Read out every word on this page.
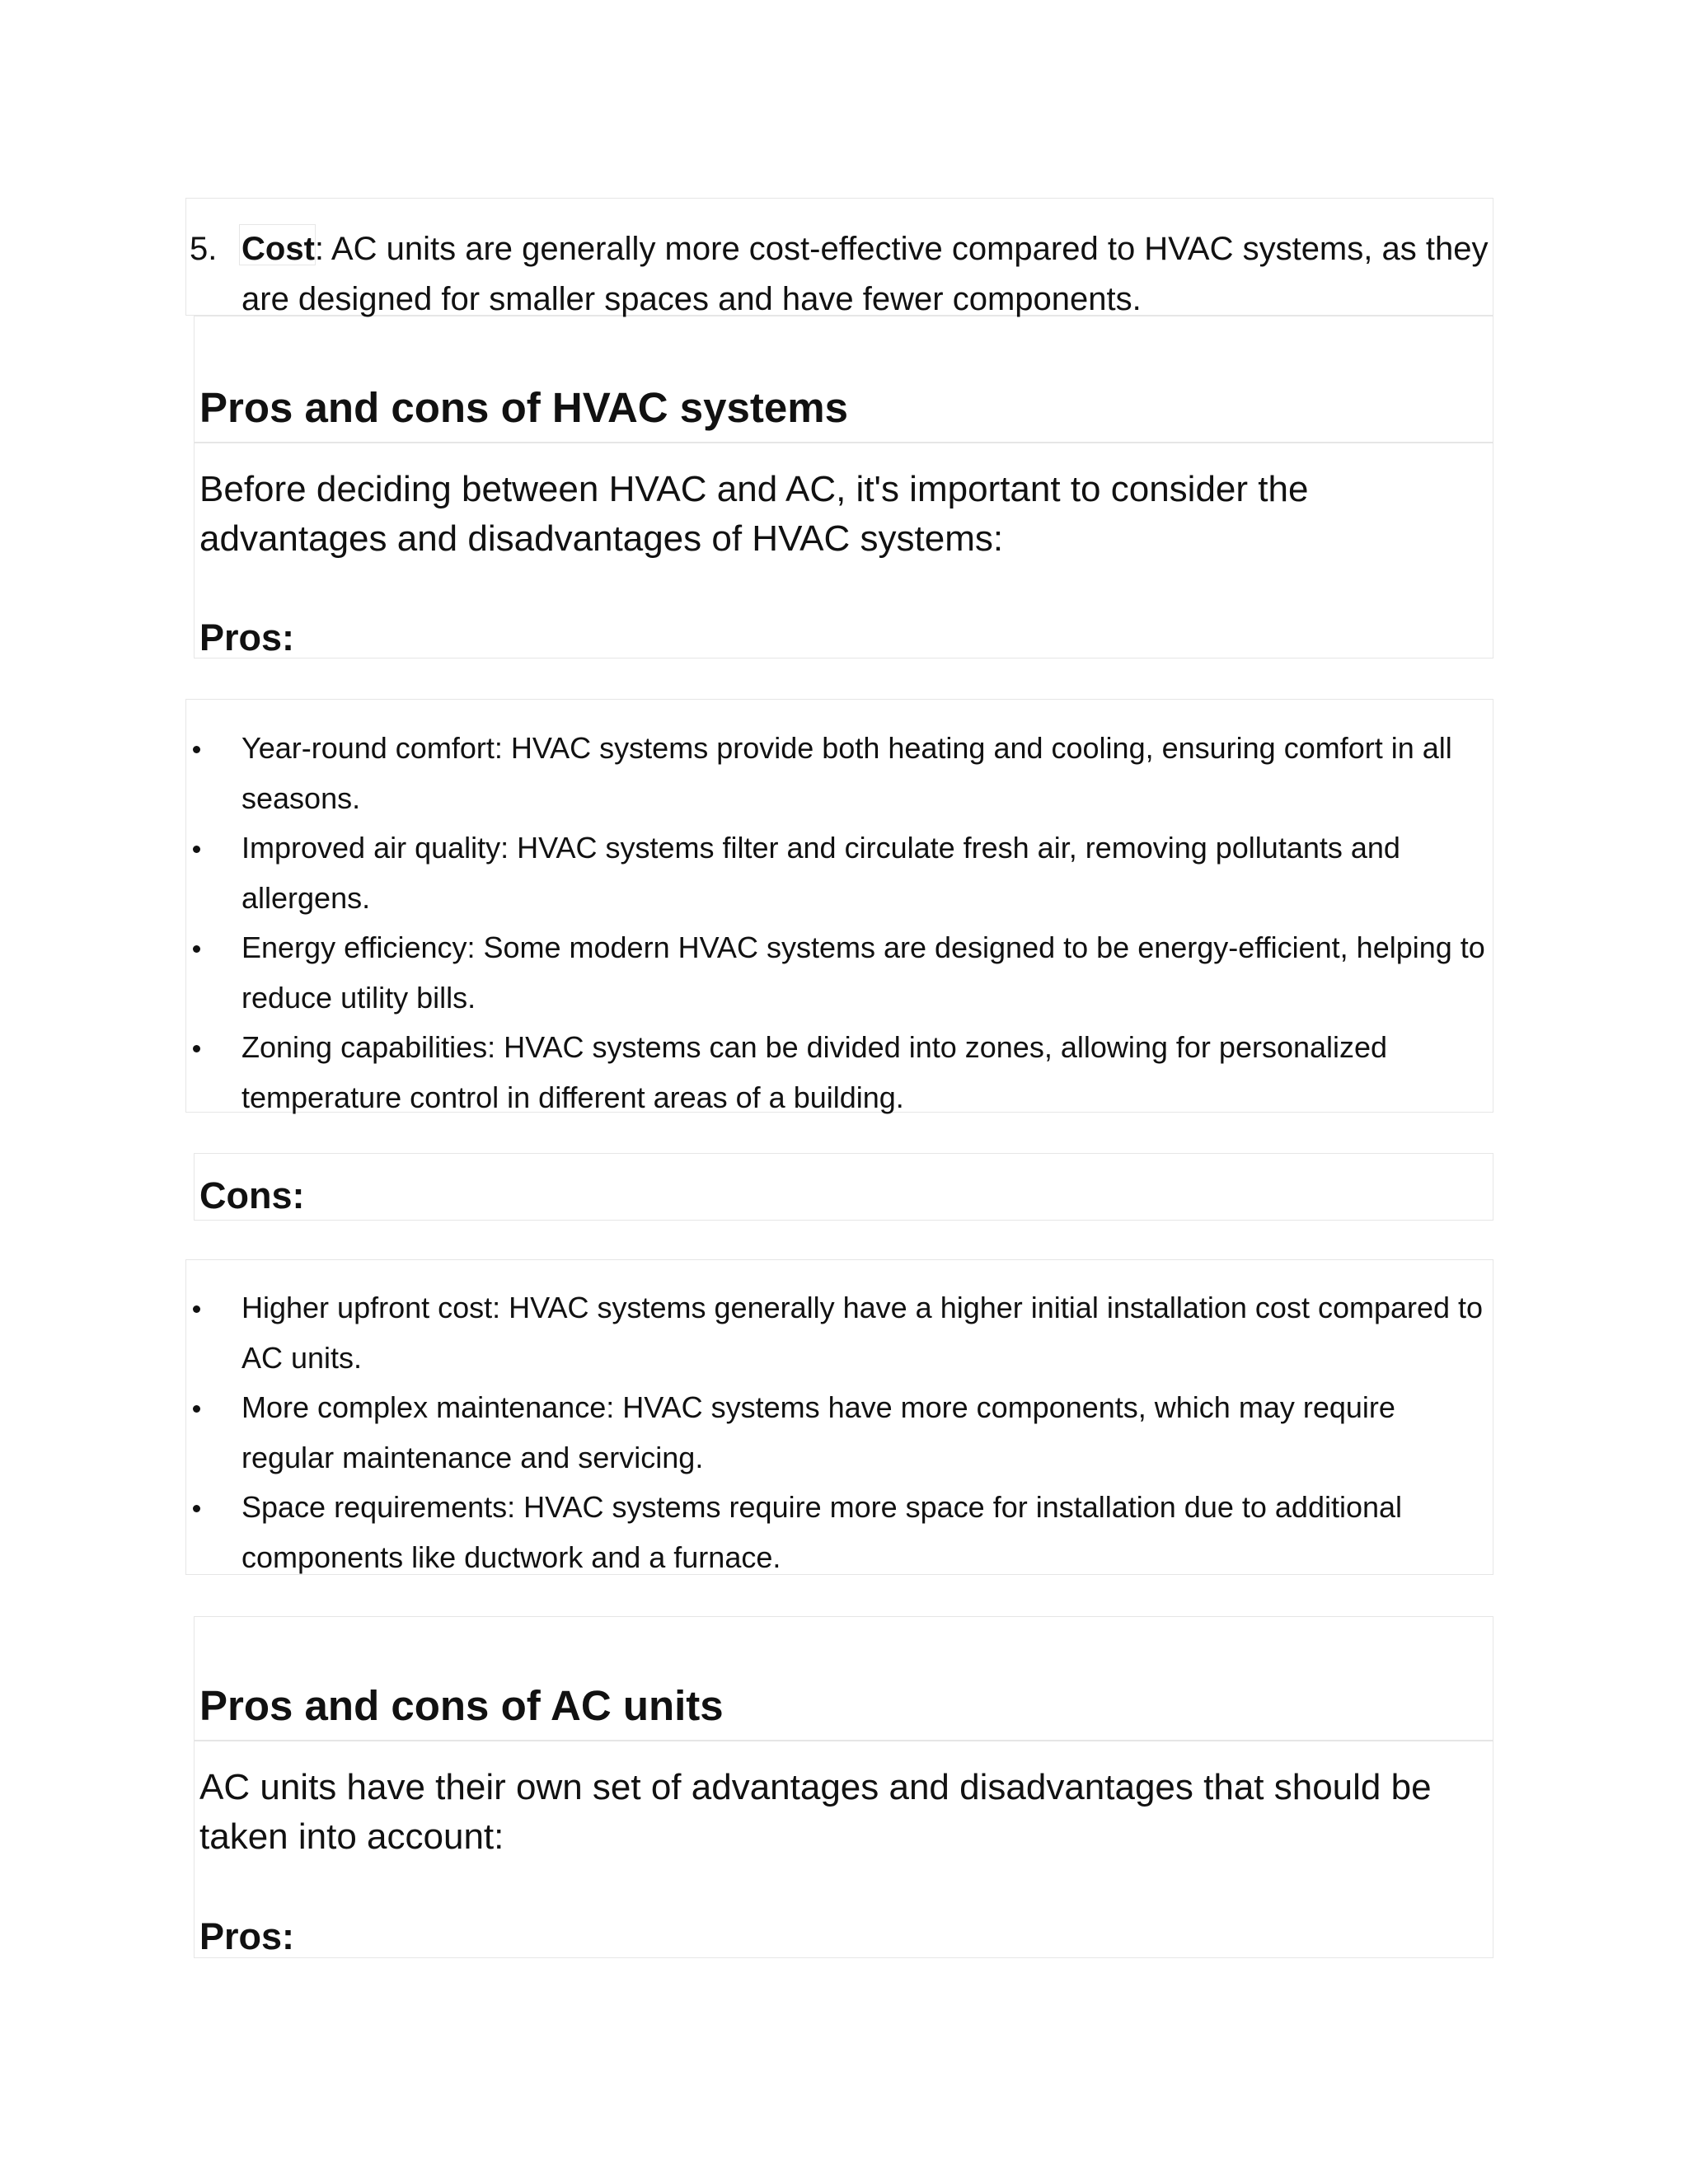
5. Cost: AC units are generally more cost-effective compared to HVAC systems, as they are designed for smaller spaces and have fewer components.
Pros and cons of HVAC systems
Before deciding between HVAC and AC, it's important to consider the advantages and disadvantages of HVAC systems:
Pros:
Year-round comfort: HVAC systems provide both heating and cooling, ensuring comfort in all seasons.
Improved air quality: HVAC systems filter and circulate fresh air, removing pollutants and allergens.
Energy efficiency: Some modern HVAC systems are designed to be energy-efficient, helping to reduce utility bills.
Zoning capabilities: HVAC systems can be divided into zones, allowing for personalized temperature control in different areas of a building.
Cons:
Higher upfront cost: HVAC systems generally have a higher initial installation cost compared to AC units.
More complex maintenance: HVAC systems have more components, which may require regular maintenance and servicing.
Space requirements: HVAC systems require more space for installation due to additional components like ductwork and a furnace.
Pros and cons of AC units
AC units have their own set of advantages and disadvantages that should be taken into account:
Pros:
